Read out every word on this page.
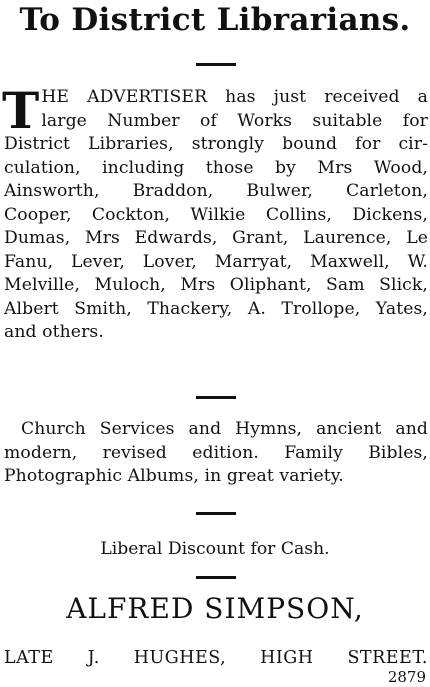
To District Librarians.
T HE ADVERTISER has just received a
large Number of Works suitable for
District Libraries, strongly bound for cir-
culation, including those by Mrs Wood,
Ainsworth, Braddon, Bulwer, Carleton,
Cooper, Cockton, Wilkie Collins, Dickens,
Dumas, Mrs Edwards, Grant, Laurence, Le
Fanu, Lever, Lover, Marryat, Maxwell, W.
Melville, Muloch, Mrs Oliphant, Sam Slick,
Albert Smith, Thackery, A. Trollope, Yates,
and others.
Church Services and Hymns, ancient and
modern, revised edition. Family Bibles,
Photographic Albums, in great variety.
Liberal Discount for Cash.
ALFRED SIMPSON,
LATE J. HUGHES, HIGH STREET.
2879
